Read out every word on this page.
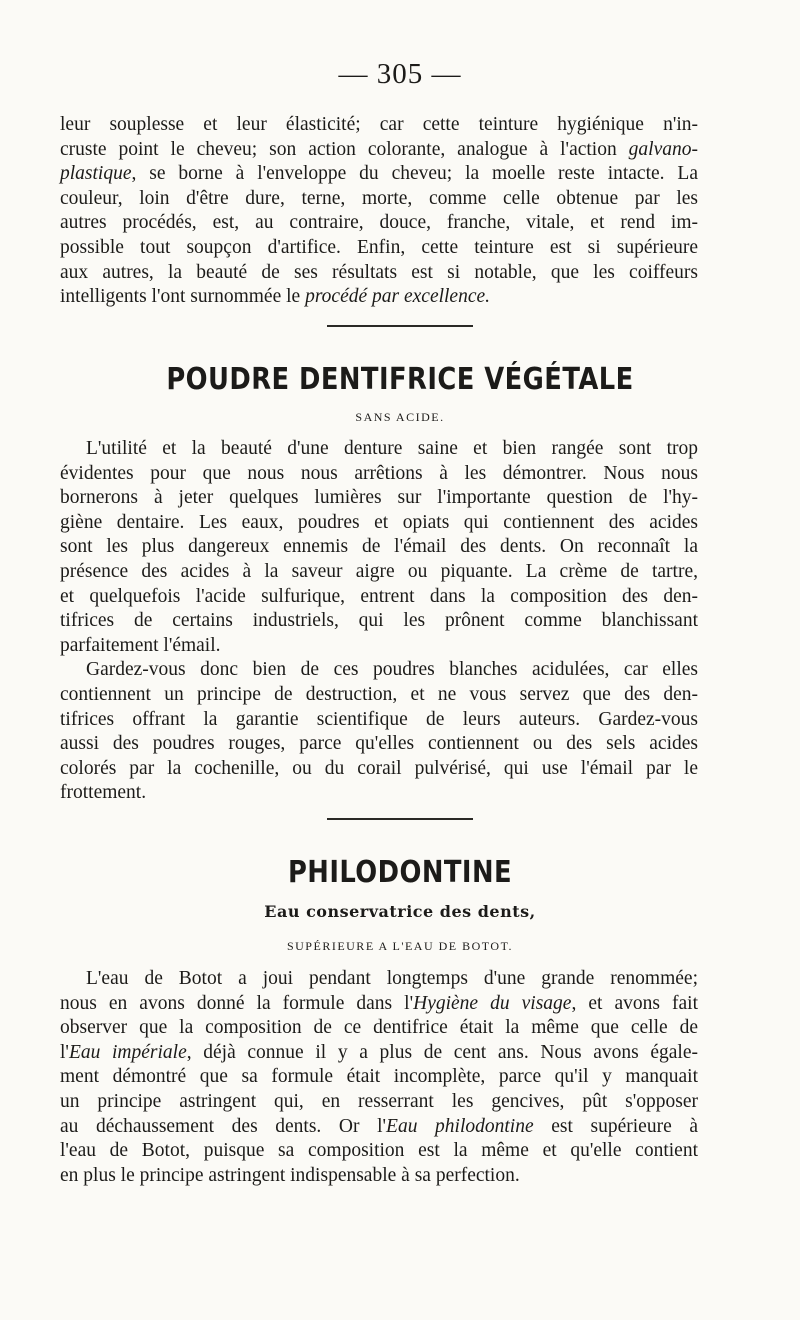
— 305 —
leur souplesse et leur élasticité; car cette teinture hygiénique n'in-
cruste point le cheveu; son action colorante, analogue à l'action galvano-
plastique, se borne à l'enveloppe du cheveu; la moelle reste intacte. La
couleur, loin d'être dure, terne, morte, comme celle obtenue par les
autres procédés, est, au contraire, douce, franche, vitale, et rend im-
possible tout soupçon d'artifice. Enfin, cette teinture est si supérieure
aux autres, la beauté de ses résultats est si notable, que les coiffeurs
intelligents l'ont surnommée le procédé par excellence.
POUDRE DENTIFRICE VÉGÉTALE
SANS ACIDE.
L'utilité et la beauté d'une denture saine et bien rangée sont trop
évidentes pour que nous nous arrêtions à les démontrer. Nous nous
bornerons à jeter quelques lumières sur l'importante question de l'hy-
giène dentaire. Les eaux, poudres et opiats qui contiennent des acides
sont les plus dangereux ennemis de l'émail des dents. On reconnaît la
présence des acides à la saveur aigre ou piquante. La crème de tartre,
et quelquefois l'acide sulfurique, entrent dans la composition des den-
tifrices de certains industriels, qui les prônent comme blanchissant
parfaitement l'émail.
Gardez-vous donc bien de ces poudres blanches acidulées, car elles
contiennent un principe de destruction, et ne vous servez que des den-
tifrices offrant la garantie scientifique de leurs auteurs. Gardez-vous
aussi des poudres rouges, parce qu'elles contiennent ou des sels acides
colorés par la cochenille, ou du corail pulvérisé, qui use l'émail par le
frottement.
PHILODONTINE
Eau conservatrice des dents,
SUPÉRIEURE A L'EAU DE BOTOT.
L'eau de Botot a joui pendant longtemps d'une grande renommée;
nous en avons donné la formule dans l'Hygiène du visage, et avons fait
observer que la composition de ce dentifrice était la même que celle de
l'Eau impériale, déjà connue il y a plus de cent ans. Nous avons égale-
ment démontré que sa formule était incomplète, parce qu'il y manquait
un principe astringent qui, en resserrant les gencives, pût s'opposer
au déchaussement des dents. Or l'Eau philodontine est supérieure à
l'eau de Botot, puisque sa composition est la même et qu'elle contient
en plus le principe astringent indispensable à sa perfection.
